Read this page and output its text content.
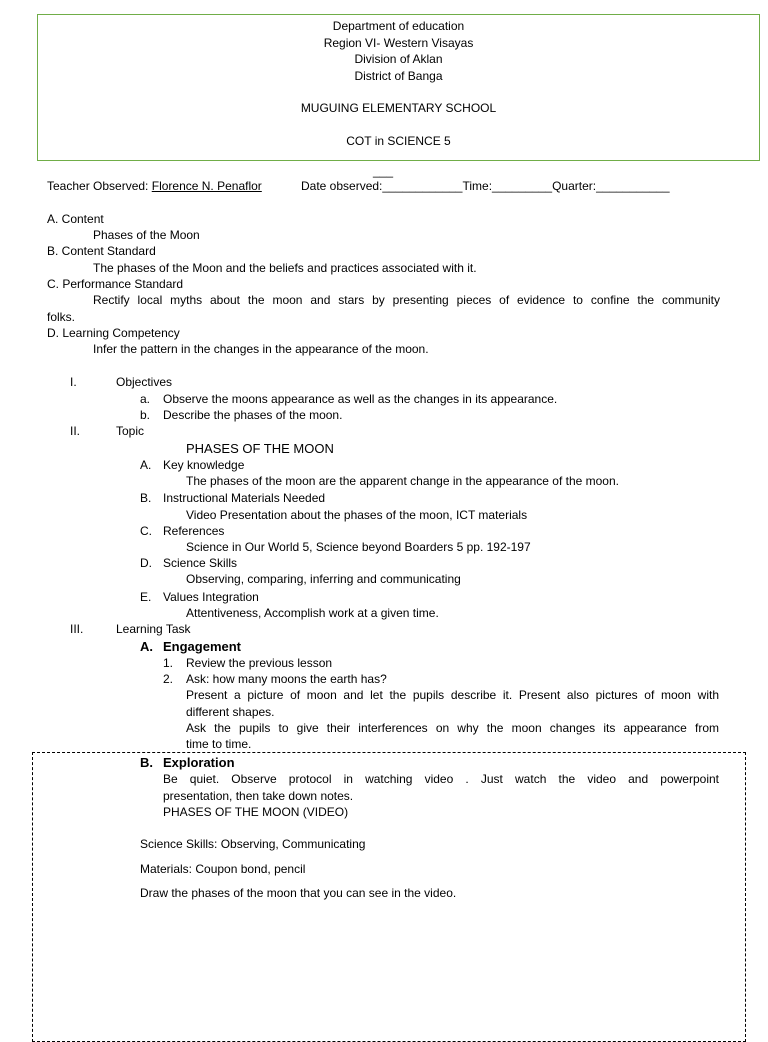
Department of education
Region VI- Western Visayas
Division of Aklan
District of Banga
MUGUING ELEMENTARY SCHOOL
COT in SCIENCE 5
___
Teacher Observed: Florence N. Penaflor	Date observed:____________Time:_________Quarter:___________
A. Content
Phases of the Moon
B. Content Standard
The phases of the Moon and the beliefs and practices associated with it.
C. Performance Standard
Rectify local myths about the moon and stars by presenting pieces of evidence to confine the community
folks.
D. Learning Competency
Infer the pattern in the changes in the appearance of the moon.
I.	Objectives
a. Observe the moons appearance as well as the changes in its appearance.
b. Describe the phases of the moon.
II.	Topic
PHASES OF THE MOON
A. Key knowledge
The phases of the moon are the apparent change in the appearance of the moon.
B. Instructional Materials Needed
Video Presentation about the phases of the moon, ICT materials
C. References
Science in Our World 5, Science beyond Boarders 5 pp. 192-197
D. Science Skills
Observing, comparing, inferring and communicating
E. Values Integration
Attentiveness, Accomplish work at a given time.
III.	Learning Task
A. Engagement
1. Review the previous lesson
2. Ask: how many moons the earth has?
Present a picture of moon and let the pupils describe it. Present also pictures of moon with
different shapes.
Ask the pupils to give their interferences on why the moon changes its appearance from
time to time.
B. Exploration
Be quiet. Observe protocol in watching video . Just watch the video and powerpoint
presentation, then take down notes.
PHASES OF THE MOON (VIDEO)
Science Skills: Observing, Communicating
Materials: Coupon bond, pencil
Draw the phases of the moon that you can see in the video.
